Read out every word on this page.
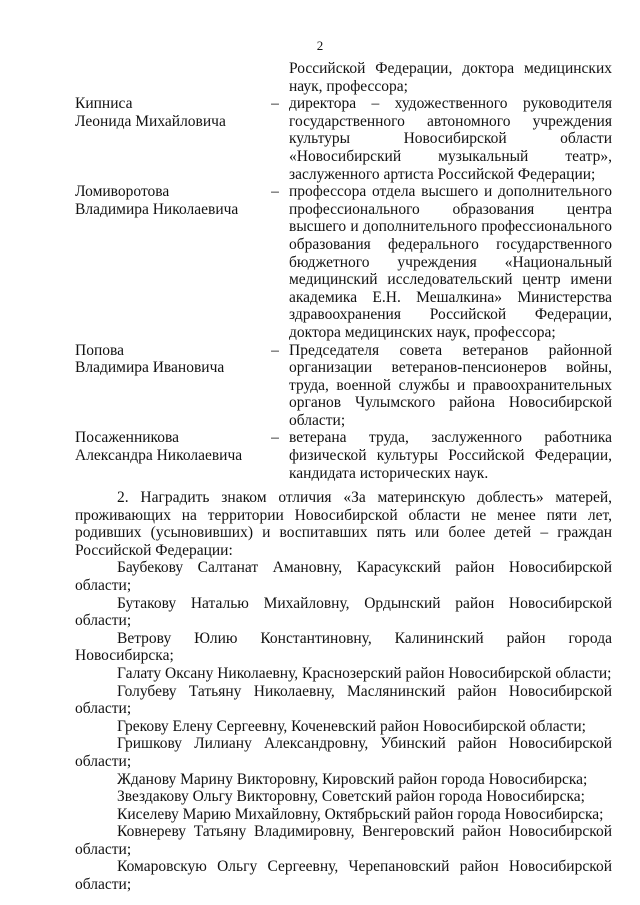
2
Российской Федерации, доктора медицинских наук, профессора;
Кипниса
Леонида Михайловича
– директора – художественного руководителя государственного автономного учреждения культуры Новосибирской области «Новосибирский музыкальный театр», заслуженного артиста Российской Федерации;
Ломиворотова
Владимира Николаевича
– профессора отдела высшего и дополнительного профессионального образования центра высшего и дополнительного профессионального образования федерального государственного бюджетного учреждения «Национальный медицинский исследовательский центр имени академика Е.Н. Мешалкина» Министерства здравоохранения Российской Федерации, доктора медицинских наук, профессора;
Попова
Владимира Ивановича
– Председателя совета ветеранов районной организации ветеранов-пенсионеров войны, труда, военной службы и правоохранительных органов Чулымского района Новосибирской области;
Посаженникова
Александра Николаевича
– ветерана труда, заслуженного работника физической культуры Российской Федерации, кандидата исторических наук.

2. Наградить знаком отличия «За материнскую доблесть» матерей, проживающих на территории Новосибирской области не менее пяти лет, родивших (усыновивших) и воспитавших пять или более детей – граждан Российской Федерации:

Баубекову Салтанат Амановну, Карасукский район Новосибирской области;

Бутакову Наталью Михайловну, Ордынский район Новосибирской области;

Ветрову Юлию Константиновну, Калининский район города Новосибирска;

Галату Оксану Николаевну, Краснозерский район Новосибирской области;

Голубеву Татьяну Николаевну, Маслянинский район Новосибирской области;

Грекову Елену Сергеевну, Коченевский район Новосибирской области;

Гришкову Лилиану Александровну, Убинский район Новосибирской области;

Жданову Марину Викторовну, Кировский район города Новосибирска;

Звездакову Ольгу Викторовну, Советский район города Новосибирска;

Киселеву Марию Михайловну, Октябрьский район города Новосибирска;

Ковнереву Татьяну Владимировну, Венгеровский район Новосибирской области;

Комаровскую Ольгу Сергеевну, Черепановский район Новосибирской области;
